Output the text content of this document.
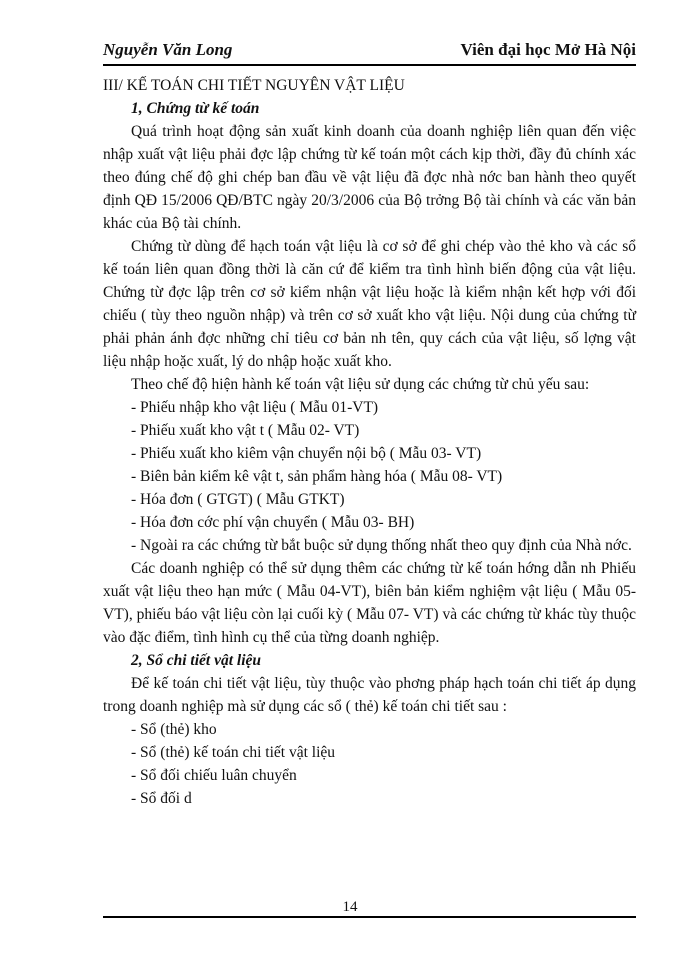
Nguyễn Văn Long	Viên đại học Mở Hà Nội

III/ KẾ TOÁN CHI TIẾT NGUYÊN VẬT LIỆU

1, Chứng từ kế toán

Quá trình hoạt động sản xuất kinh doanh của doanh nghiệp liên quan đến việc nhập xuất vật liệu phải đợc lập chứng từ kế toán một cách kịp thời, đầy đủ chính xác theo đúng chế độ ghi chép ban đầu về vật liệu đã đợc nhà nớc ban hành theo quyết định QĐ 15/2006 QĐ/BTC ngày 20/3/2006 của Bộ trởng Bộ tài chính và các văn bản khác của Bộ tài chính.

Chứng từ dùng để hạch toán vật liệu là cơ sở để ghi chép vào thẻ kho và các sổ kế toán liên quan đồng thời là căn cứ để kiểm tra tình hình biến động của vật liệu. Chứng từ đợc lập trên cơ sở kiểm nhận vật liệu hoặc là kiểm nhận kết hợp với đối chiếu ( tùy theo nguồn nhập) và trên cơ sở xuất kho vật liệu. Nội dung của chứng từ phải phản ánh đợc những chỉ tiêu cơ bản nh tên, quy cách của vật liệu, số lợng vật liệu nhập hoặc xuất, lý do nhập hoặc xuất kho.

Theo chế độ hiện hành kế toán vật liệu sử dụng các chứng từ chủ yếu sau:

- Phiếu nhập kho vật liệu ( Mẫu 01-VT)

- Phiếu xuất kho vật t ( Mẫu 02- VT)

- Phiếu xuất kho kiêm vận chuyển nội bộ ( Mẫu 03- VT)

- Biên bản kiểm kê vật t, sản phẩm hàng hóa ( Mẫu 08- VT)

- Hóa đơn ( GTGT) ( Mẫu GTKT)

- Hóa đơn cớc phí vận chuyển ( Mẫu 03- BH)

- Ngoài ra các chứng từ bắt buộc sử dụng thống nhất theo quy định của Nhà nớc.

Các doanh nghiệp có thể sử dụng thêm các chứng từ kế toán hớng dẫn nh Phiếu xuất vật liệu theo hạn mức ( Mẫu 04-VT), biên bản kiểm nghiệm vật liệu ( Mẫu 05- VT), phiếu báo vật liệu còn lại cuối kỳ ( Mẫu 07- VT) và các chứng từ khác tùy thuộc vào đặc điểm, tình hình cụ thể của từng doanh nghiệp.

2, Sổ chi tiết vật liệu

Để kế toán chi tiết vật liệu, tùy thuộc vào phơng pháp hạch toán chi tiết áp dụng trong doanh nghiệp mà sử dụng các sổ ( thẻ) kế toán chi tiết sau :

- Sổ (thẻ) kho

- Sổ (thẻ) kế toán chi tiết vật liệu

- Sổ đối chiếu luân chuyển

- Sổ đối d

14
